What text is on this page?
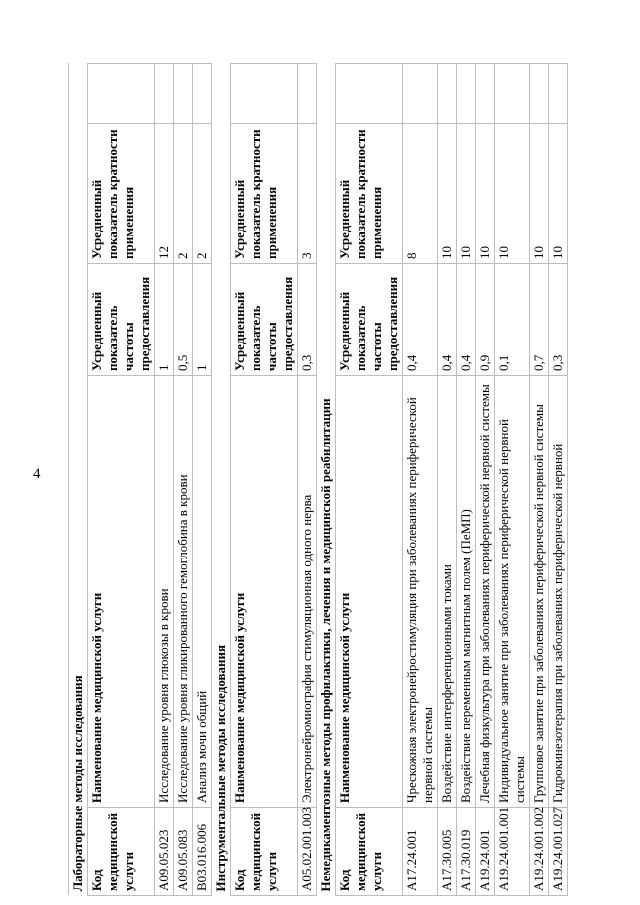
4
Лабораторные методы исследования				
Код медицинской услуги	Наименование медицинской услуги	Усредненный показатель частоты предоставления	Усредненный показатель кратности применения	
A09.05.023	Исследование уровня глюкозы в крови	1	12	
A09.05.083	Исследование уровня гликированного гемоглобина в крови	0,5	2	
B03.016.006	Анализ мочи общий	1	2	
Инструментальные методы исследования				
Код медицинской услуги	Наименование медицинской услуги	Усредненный показатель частоты предоставления	Усредненный показатель кратности применения	
A05.02.001.003	Электронейромиография стимуляционная одного нерва	0,3	3	
Немедикаментозные методы профилактики, лечения и медицинской реабилитации				
Код медицинской услуги	Наименование медицинской услуги	Усредненный показатель частоты предоставления	Усредненный показатель кратности применения	
A17.24.001	Чрескожная электронейростимуляция при заболеваниях периферической нервной системы	0,4	8	
A17.30.005	Воздействие интерференционными токами	0,4	10	
A17.30.019	Воздействие переменным магнитным полем (ПеМП)	0,4	10	
A19.24.001	Лечебная физкультура при заболеваниях периферической нервной системы	0,9	10	
A19.24.001.001	Индивидуальное занятие при заболеваниях периферической нервной системы	0,1	10	
A19.24.001.002	Групповое занятие при заболеваниях периферической нервной системы	0,7	10	
A19.24.001.027	Гидрокинезотерапия при заболеваниях периферической нервной	0,3	10	
